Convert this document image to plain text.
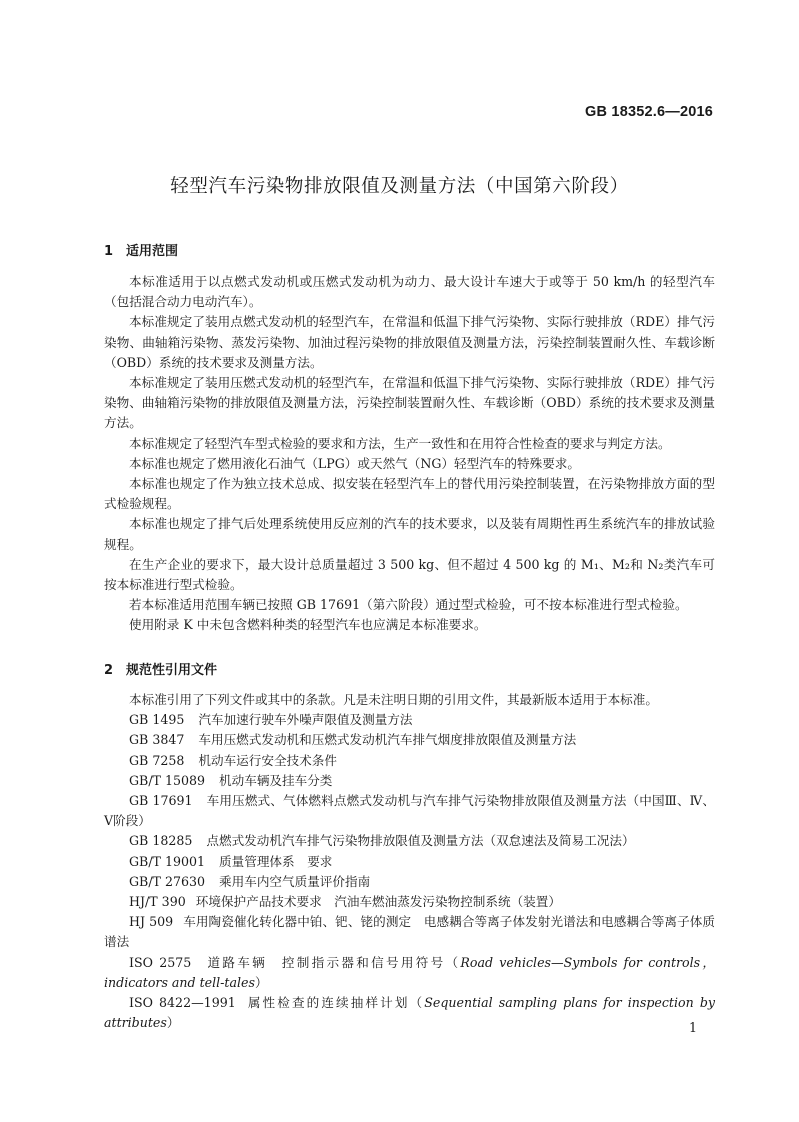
GB 18352.6—2016
轻型汽车污染物排放限值及测量方法（中国第六阶段）
1 适用范围

本标准适用于以点燃式发动机或压燃式发动机为动力、最大设计车速大于或等于 50 km/h 的轻型汽车（包括混合动力电动汽车）。

本标准规定了装用点燃式发动机的轻型汽车，在常温和低温下排气污染物、实际行驶排放（RDE）排气污染物、曲轴箱污染物、蒸发污染物、加油过程污染物的排放限值及测量方法，污染控制装置耐久性、车载诊断（OBD）系统的技术要求及测量方法。

本标准规定了装用压燃式发动机的轻型汽车，在常温和低温下排气污染物、实际行驶排放（RDE）排气污染物、曲轴箱污染物的排放限值及测量方法，污染控制装置耐久性、车载诊断（OBD）系统的技术要求及测量方法。

本标准规定了轻型汽车型式检验的要求和方法，生产一致性和在用符合性检查的要求与判定方法。

本标准也规定了燃用液化石油气（LPG）或天然气（NG）轻型汽车的特殊要求。

本标准也规定了作为独立技术总成、拟安装在轻型汽车上的替代用污染控制装置，在污染物排放方面的型式检验规程。

本标准也规定了排气后处理系统使用反应剂的汽车的技术要求，以及装有周期性再生系统汽车的排放试验规程。

在生产企业的要求下，最大设计总质量超过 3 500 kg、但不超过 4 500 kg 的 M₁、M₂和 N₂类汽车可按本标准进行型式检验。

若本标准适用范围车辆已按照 GB 17691（第六阶段）通过型式检验，可不按本标准进行型式检验。

使用附录 K 中未包含燃料种类的轻型汽车也应满足本标准要求。

2 规范性引用文件

本标准引用了下列文件或其中的条款。凡是未注明日期的引用文件，其最新版本适用于本标准。

GB 1495 汽车加速行驶车外噪声限值及测量方法

GB 3847 车用压燃式发动机和压燃式发动机汽车排气烟度排放限值及测量方法

GB 7258 机动车运行安全技术条件

GB/T 15089 机动车辆及挂车分类

GB 17691 车用压燃式、气体燃料点燃式发动机与汽车排气污染物排放限值及测量方法（中国Ⅲ、Ⅳ、Ⅴ阶段）

GB 18285 点燃式发动机汽车排气污染物排放限值及测量方法（双怠速法及简易工况法）

GB/T 19001 质量管理体系　要求

GB/T 27630 乘用车内空气质量评价指南

HJ/T 390 环境保护产品技术要求　汽油车燃油蒸发污染物控制系统（装置）

HJ 509 车用陶瓷催化转化器中铂、钯、铑的测定　电感耦合等离子体发射光谱法和电感耦合等离子体质谱法

ISO 2575 道路车辆　控制指示器和信号用符号（Road vehicles—Symbols for controls，indicators and tell-tales）

ISO 8422—1991 属性检查的连续抽样计划（Sequential sampling plans for inspection by attributes）	1
